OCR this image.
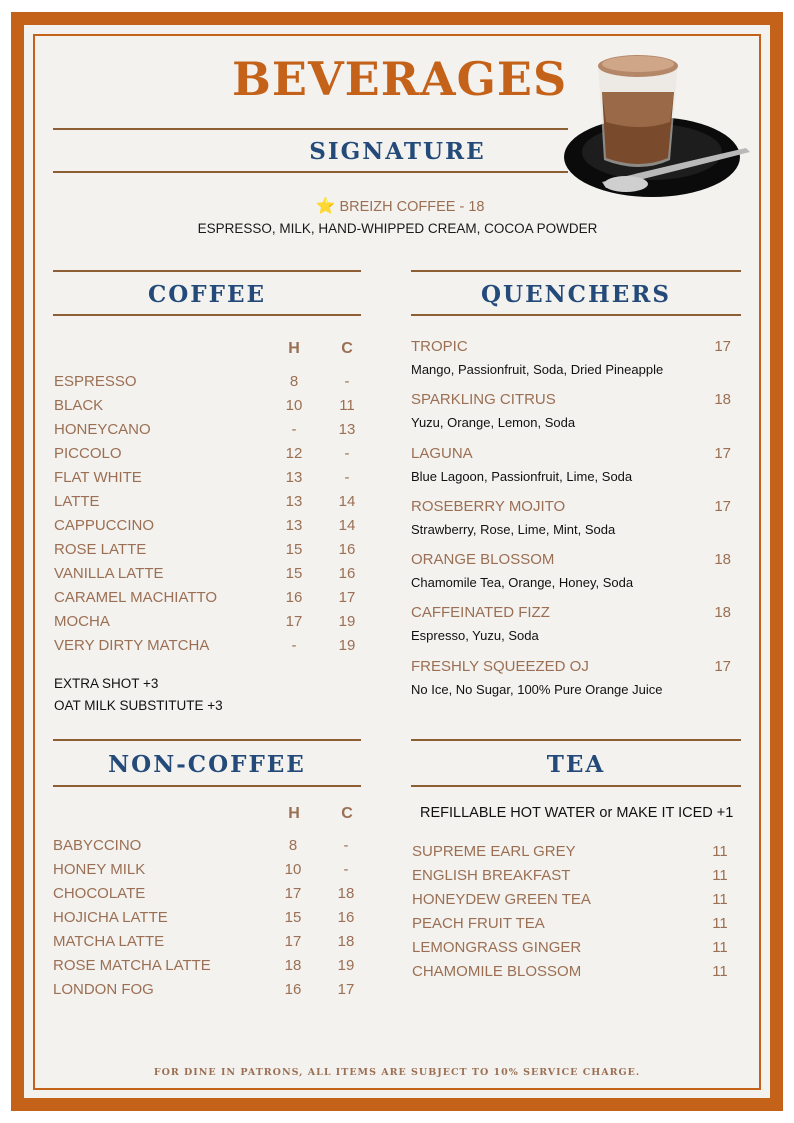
BEVERAGES
SIGNATURE
⭐ BREIZH COFFEE - 18
ESPRESSO, MILK, HAND-WHIPPED CREAM, COCOA POWDER
COFFEE
H	C
ESPRESSO	8	-
BLACK	10	11
HONEYCANO	-	13
PICCOLO	12	-
FLAT WHITE	13	-
LATTE	13	14
CAPPUCCINO	13	14
ROSE LATTE	15	16
VANILLA LATTE	15	16
CARAMEL MACHIATTO	16	17
MOCHA	17	19
VERY DIRTY MATCHA	-	19
EXTRA SHOT +3
OAT MILK SUBSTITUTE +3
QUENCHERS
TROPIC	17
Mango, Passionfruit, Soda, Dried Pineapple
SPARKLING CITRUS	18
Yuzu, Orange, Lemon, Soda
LAGUNA	17
Blue Lagoon, Passionfruit, Lime, Soda
ROSEBERRY MOJITO	17
Strawberry, Rose, Lime, Mint, Soda
ORANGE BLOSSOM	18
Chamomile Tea, Orange, Honey, Soda
CAFFEINATED FIZZ	18
Espresso, Yuzu, Soda
FRESHLY SQUEEZED OJ	17
No Ice, No Sugar, 100% Pure Orange Juice
NON-COFFEE
H	C
BABYCCINO	8	-
HONEY MILK	10	-
CHOCOLATE	17	18
HOJICHA LATTE	15	16
MATCHA LATTE	17	18
ROSE MATCHA LATTE	18	19
LONDON FOG	16	17
TEA
REFILLABLE HOT WATER or MAKE IT ICED +1
SUPREME EARL GREY	11
ENGLISH BREAKFAST	11
HONEYDEW GREEN TEA	11
PEACH FRUIT TEA	11
LEMONGRASS GINGER	11
CHAMOMILE BLOSSOM	11
FOR DINE IN PATRONS, ALL ITEMS ARE SUBJECT TO 10% SERVICE CHARGE.
